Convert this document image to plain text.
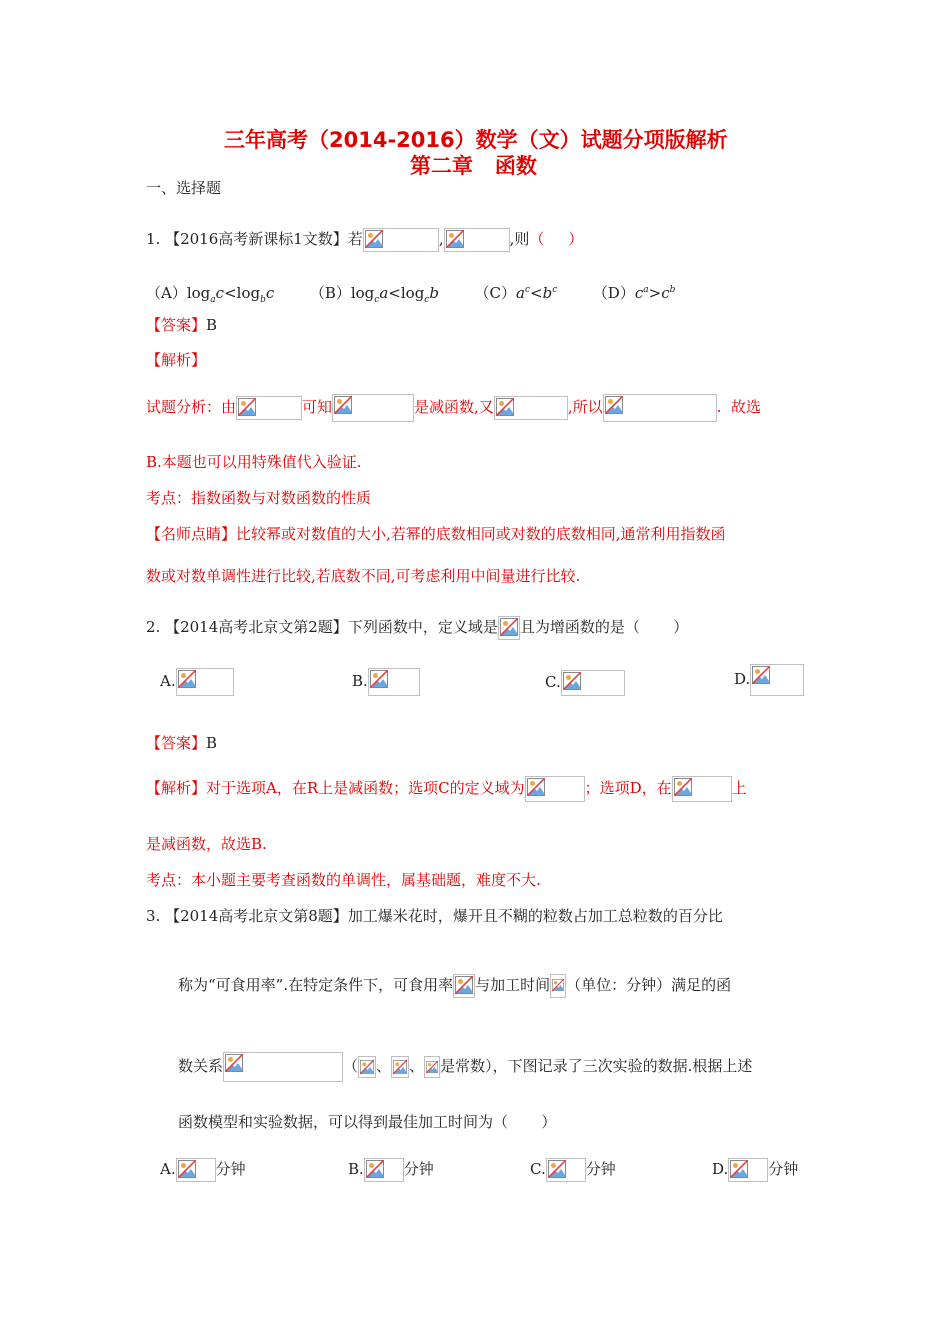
三年高考（2014-2016）数学（文）试题分项版解析
第二章   函数
一、选择题
1. 【2016高考新课标1文数】若	,	,则（     ）
$(A)\log_ac<\log_bc$ $(B)\log_ca<\log_cb$ $(C)a^c<b^c$ $(D)c^a>c^b$
【答案】B
【解析】
试题分析：由	可知	是减函数,又	,所以	.  故选
B.本题也可以用特殊值代入验证.
考点：指数函数与对数函数的性质
【名师点睛】比较幂或对数值的大小,若幂的底数相同或对数的底数相同,通常利用指数函
数或对数单调性进行比较,若底数不同,可考虑利用中间量进行比较.
2. 【2014高考北京文第2题】下列函数中，定义域是 且为增函数的是（       ）
A.	B.	C.	D.
【答案】B
【解析】对于选项A，在R上是减函数；选项C的定义域为	；选项D，在	上
是减函数，故选B.
考点：本小题主要考查函数的单调性，属基础题，难度不大.
3. 【2014高考北京文第8题】加工爆米花时，爆开且不糊的粒数占加工总粒数的百分比
称为“可食用率”.在特定条件下，可食用率 与加工时间 （单位：分钟）满足的函
数关系	（ 、 、 是常数），下图记录了三次实验的数据.根据上述
函数模型和实验数据，可以得到最佳加工时间为（       ）
A.	分钟	B.	分钟	C.	分钟	D.	分钟
